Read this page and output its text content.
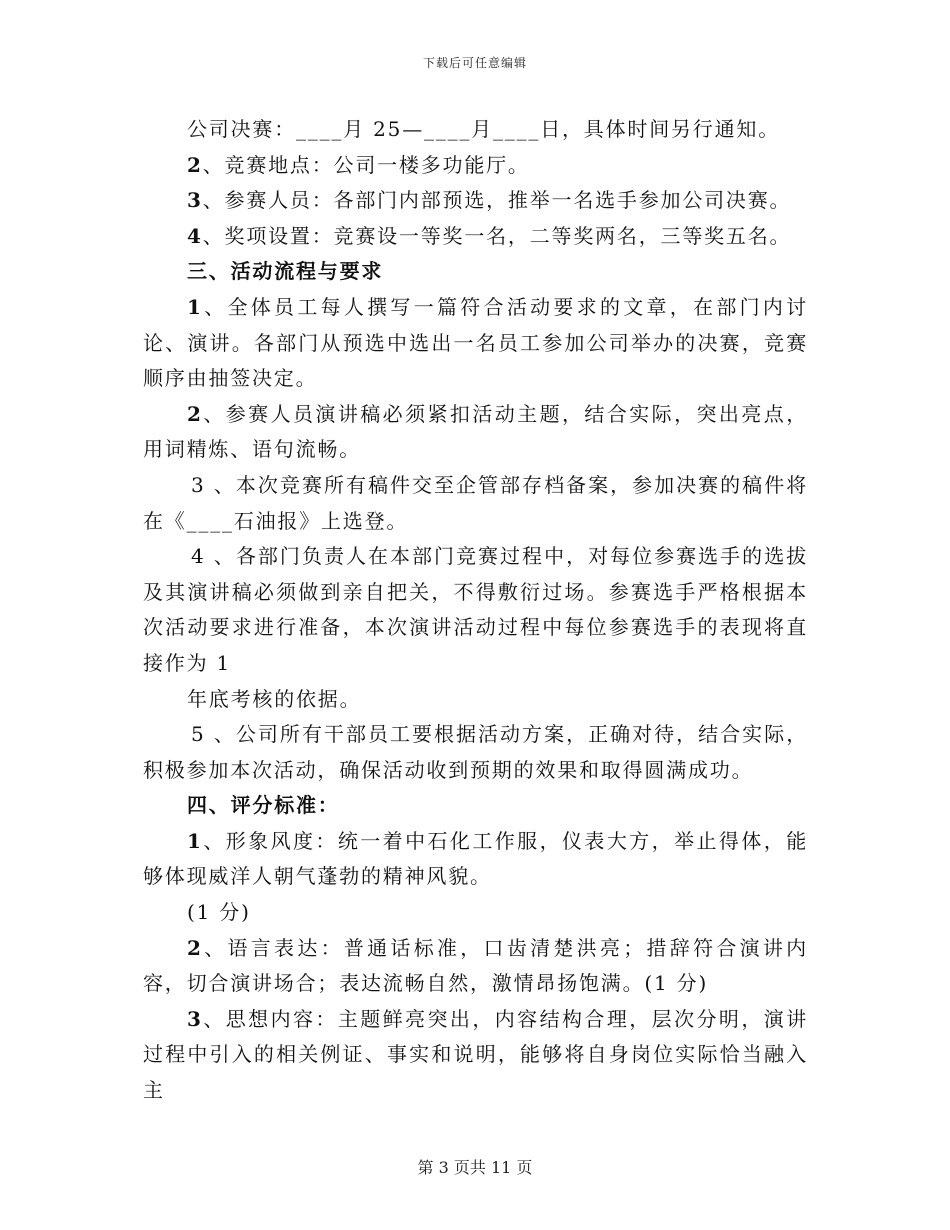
下载后可任意编辑

公司决赛：____月 25—____月____日，具体时间另行通知。

2、竞赛地点：公司一楼多功能厅。

3、参赛人员：各部门内部预选，推举一名选手参加公司决赛。

4、奖项设置：竞赛设一等奖一名，二等奖两名，三等奖五名。

三、活动流程与要求

1、全体员工每人撰写一篇符合活动要求的文章，在部门内讨论、演讲。各部门从预选中选出一名员工参加公司举办的决赛，竞赛顺序由抽签决定。

2、参赛人员演讲稿必须紧扣活动主题，结合实际，突出亮点，用词精炼、语句流畅。

3 、本次竞赛所有稿件交至企管部存档备案，参加决赛的稿件将在《____石油报》上选登。

4 、各部门负责人在本部门竞赛过程中，对每位参赛选手的选拔及其演讲稿必须做到亲自把关，不得敷衍过场。参赛选手严格根据本次活动要求进行准备，本次演讲活动过程中每位参赛选手的表现将直接作为 1

年底考核的依据。

5 、公司所有干部员工要根据活动方案，正确对待，结合实际，积极参加本次活动，确保活动收到预期的效果和取得圆满成功。

四、评分标准：

1、形象风度：统一着中石化工作服，仪表大方，举止得体，能够体现威洋人朝气蓬勃的精神风貌。

(1 分)

2、语言表达：普通话标准，口齿清楚洪亮；措辞符合演讲内容，切合演讲场合；表达流畅自然，激情昂扬饱满。(1 分)

3、思想内容：主题鲜亮突出，内容结构合理，层次分明，演讲过程中引入的相关例证、事实和说明，能够将自身岗位实际恰当融入主

第 3 页共 11 页
